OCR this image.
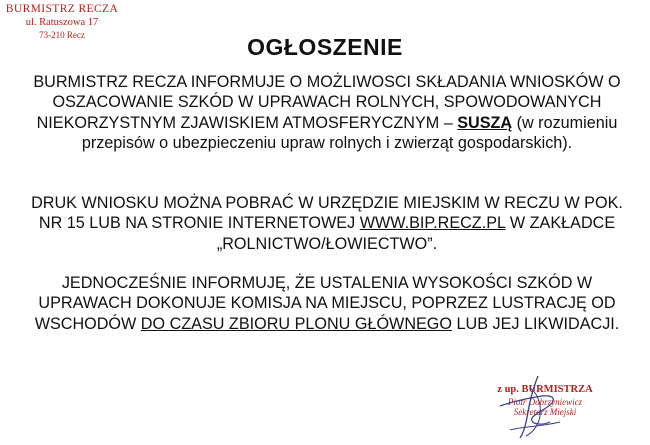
BURMISTRZ RECZA
ul. Ratuszowa 17
73-210 Recz	OGŁOSZENIE
BURMISTRZ RECZA INFORMUJE O MOŻLIWOSCI SKŁADANIA WNIOSKÓW O OSZACOWANIE SZKÓD W UPRAWACH ROLNYCH, SPOWODOWANYCH NIEKORZYSTNYM ZJAWISKIEM ATMOSFERYCZNYM – SUSZĄ (w rozumieniu przepisów o ubezpieczeniu upraw rolnych i zwierząt gospodarskich).
DRUK WNIOSKU MOŻNA POBRAĆ W URZĘDZIE MIEJSKIM W RECZU W POK. NR 15 LUB NA STRONIE INTERNETOWEJ WWW.BIP.RECZ.PL W ZAKŁADCE „ROLNICTWO/ŁOWIECTWO”.
JEDNOCZEŚNIE INFORMUJĘ, ŻE USTALENIA WYSOKOŚCI SZKÓD W UPRAWACH DOKONUJE KOMISJA NA MIEJSCU, POPRZEZ LUSTRACJĘ OD WSCHODÓW DO CZASU ZBIORU PLONU GŁÓWNEGO LUB JEJ LIKWIDACJI.
z up. BURMISTRZA
Piotr Dobrzyniewicz
Sekretarz Miejski
